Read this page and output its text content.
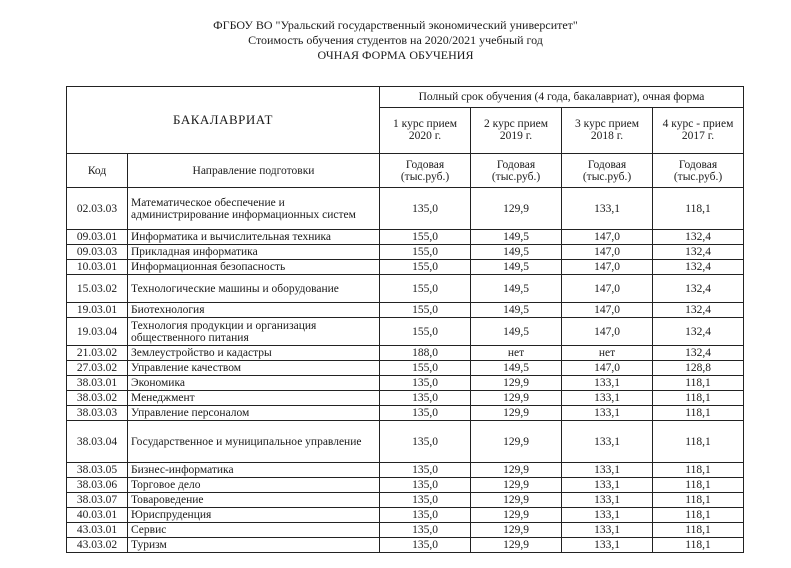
ФГБОУ ВО "Уральский государственный экономический университет"
Стоимость обучения студентов на 2020/2021 учебный год
ОЧНАЯ ФОРМА ОБУЧЕНИЯ
БАКАЛАВРИАТ		Полный срок обучения (4 года, бакалавриат), очная форма			
		1 курс прием 2020 г.	2 курс прием 2019 г.	3 курс прием 2018 г.	4 курс - прием 2017 г.

Код	Направление подготовки	Годовая (тыс.руб.)	Годовая (тыс.руб.)	Годовая (тыс.руб.)	Годовая (тыс.руб.)
02.03.03	Математическое обеспечение и администрирование информационных систем	135,0	129,9	133,1	118,1
09.03.01	Информатика и вычислительная техника	155,0	149,5	147,0	132,4
09.03.03	Прикладная информатика	155,0	149,5	147,0	132,4
10.03.01	Информационная безопасность	155,0	149,5	147,0	132,4
15.03.02	Технологические машины и оборудование	155,0	149,5	147,0	132,4
19.03.01	Биотехнология	155,0	149,5	147,0	132,4
19.03.04	Технология продукции и организация общественного питания	155,0	149,5	147,0	132,4
21.03.02	Землеустройство и кадастры	188,0	нет	нет	132,4
27.03.02	Управление качеством	155,0	149,5	147,0	128,8
38.03.01	Экономика	135,0	129,9	133,1	118,1
38.03.02	Менеджмент	135,0	129,9	133,1	118,1
38.03.03	Управление персоналом	135,0	129,9	133,1	118,1
38.03.04	Государственное и муниципальное управление	135,0	129,9	133,1	118,1
38.03.05	Бизнес-информатика	135,0	129,9	133,1	118,1
38.03.06	Торговое дело	135,0	129,9	133,1	118,1
38.03.07	Товароведение	135,0	129,9	133,1	118,1
40.03.01	Юриспруденция	135,0	129,9	133,1	118,1
43.03.01	Сервис	135,0	129,9	133,1	118,1
43.03.02	Туризм	135,0	129,9	133,1	118,1
